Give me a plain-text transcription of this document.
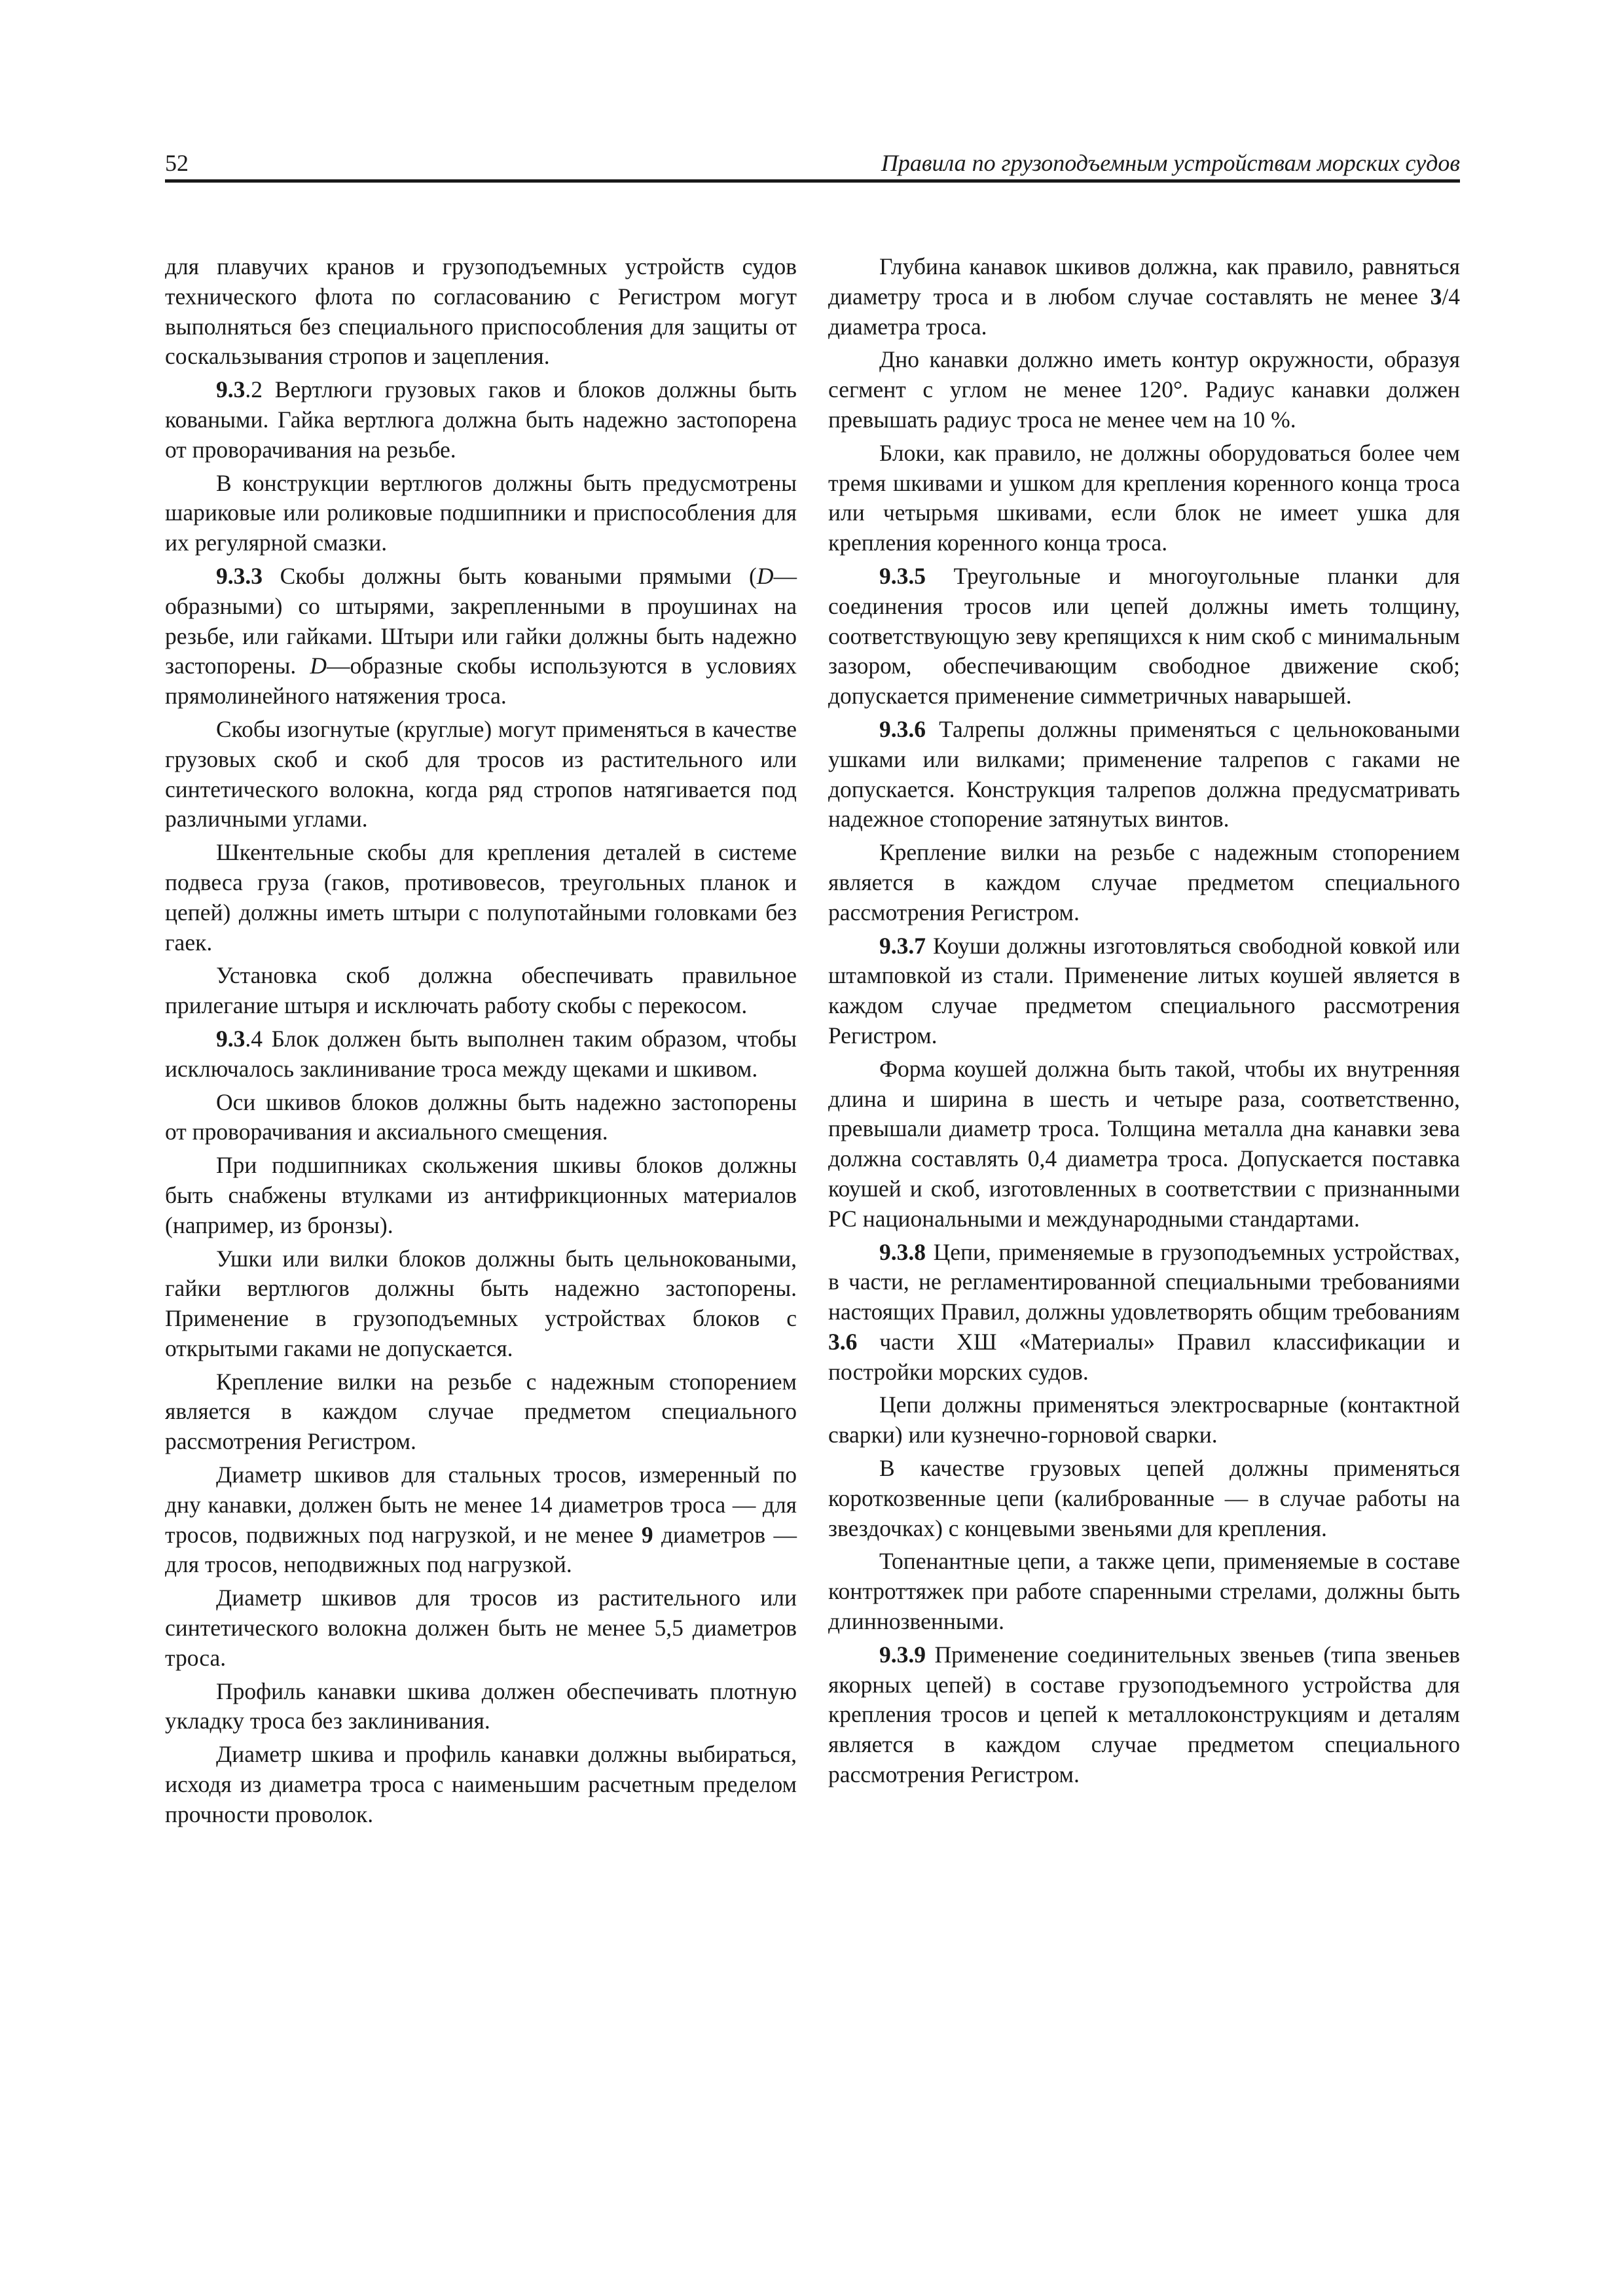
52	Правила по грузоподъемным устройствам морских судов

для плавучих кранов и грузоподъемных устройств судов технического флота по согласованию с Регистром могут выполняться без специального приспособления для защиты от соскальзывания стропов и зацепления.

9.3.2 Вертлюги грузовых гаков и блоков должны быть коваными. Гайка вертлюга должна быть надежно застопорена от проворачивания на резьбе.

В конструкции вертлюгов должны быть предусмотрены шариковые или роликовые подшипники и приспособления для их регулярной смазки.

9.3.3 Скобы должны быть коваными прямыми (D—образными) со штырями, закрепленными в проушинах на резьбе, или гайками. Штыри или гайки должны быть надежно застопорены. D—образные скобы используются в условиях прямолинейного натяжения троса.

Скобы изогнутые (круглые) могут применяться в качестве грузовых скоб и скоб для тросов из растительного или синтетического волокна, когда ряд стропов натягивается под различными углами.

Шкентельные скобы для крепления деталей в системе подвеса груза (гаков, противовесов, треугольных планок и цепей) должны иметь штыри с полупотайными головками без гаек.

Установка скоб должна обеспечивать правильное прилегание штыря и исключать работу скобы с перекосом.

9.3.4 Блок должен быть выполнен таким образом, чтобы исключалось заклинивание троса между щеками и шкивом.

Оси шкивов блоков должны быть надежно застопорены от проворачивания и аксиального смещения.

При подшипниках скольжения шкивы блоков должны быть снабжены втулками из антифрикционных материалов (например, из бронзы).

Ушки или вилки блоков должны быть цельноковаными, гайки вертлюгов должны быть надежно застопорены. Применение в грузоподъемных устройствах блоков с открытыми гаками не допускается.

Крепление вилки на резьбе с надежным стопорением является в каждом случае предметом специального рассмотрения Регистром.

Диаметр шкивов для стальных тросов, измеренный по дну канавки, должен быть не менее 14 диаметров троса — для тросов, подвижных под нагрузкой, и не менее 9 диаметров — для тросов, неподвижных под нагрузкой.

Диаметр шкивов для тросов из растительного или синтетического волокна должен быть не менее 5,5 диаметров троса.

Профиль канавки шкива должен обеспечивать плотную укладку троса без заклинивания.

Диаметр шкива и профиль канавки должны выбираться, исходя из диаметра троса с наименьшим расчетным пределом прочности проволок.

Глубина канавок шкивов должна, как правило, равняться диаметру троса и в любом случае составлять не менее 3/4 диаметра троса.

Дно канавки должно иметь контур окружности, образуя сегмент с углом не менее 120°. Радиус канавки должен превышать радиус троса не менее чем на 10 %.

Блоки, как правило, не должны оборудоваться более чем тремя шкивами и ушком для крепления коренного конца троса или четырьмя шкивами, если блок не имеет ушка для крепления коренного конца троса.

9.3.5 Треугольные и многоугольные планки для соединения тросов или цепей должны иметь толщину, соответствующую зеву крепящихся к ним скоб с минимальным зазором, обеспечивающим свободное движение скоб; допускается применение симметричных наварышей.

9.3.6 Талрепы должны применяться с цельноковаными ушками или вилками; применение талрепов с гаками не допускается. Конструкция талрепов должна предусматривать надежное стопорение затянутых винтов.

Крепление вилки на резьбе с надежным стопорением является в каждом случае предметом специального рассмотрения Регистром.

9.3.7 Коуши должны изготовляться свободной ковкой или штамповкой из стали. Применение литых коушей является в каждом случае предметом специального рассмотрения Регистром.

Форма коушей должна быть такой, чтобы их внутренняя длина и ширина в шесть и четыре раза, соответственно, превышали диаметр троса. Толщина металла дна канавки зева должна составлять 0,4 диаметра троса. Допускается поставка коушей и скоб, изготовленных в соответствии с признанными РС национальными и международными стандартами.

9.3.8 Цепи, применяемые в грузоподъемных устройствах, в части, не регламентированной специальными требованиями настоящих Правил, должны удовлетворять общим требованиям 3.6 части ХШ «Материалы» Правил классификации и постройки морских судов.

Цепи должны применяться электросварные (контактной сварки) или кузнечно-горновой сварки.

В качестве грузовых цепей должны применяться короткозвенные цепи (калиброванные — в случае работы на звездочках) с концевыми звеньями для крепления.

Топенантные цепи, а также цепи, применяемые в составе контроттяжек при работе спаренными стрелами, должны быть длиннозвенными.

9.3.9 Применение соединительных звеньев (типа звеньев якорных цепей) в составе грузоподъемного устройства для крепления тросов и цепей к металлоконструкциям и деталям является в каждом случае предметом специального рассмотрения Регистром.
